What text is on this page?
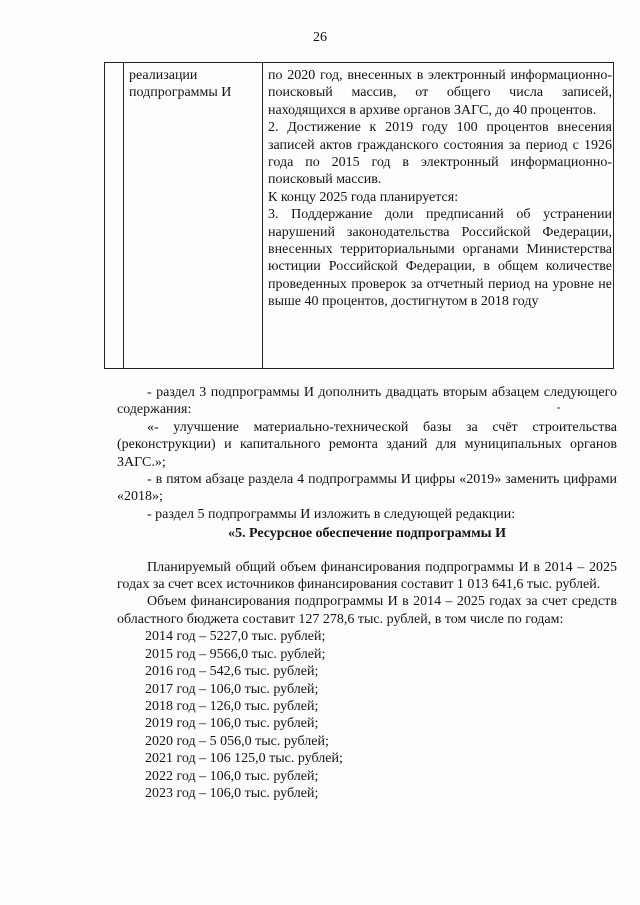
26
реализации подпрограммы И

по 2020 год, внесенных в электронный информационно-поисковый массив, от общего числа записей, находящихся в архиве органов ЗАГС, до 40 процентов.

2. Достижение к 2019 году 100 процентов внесения записей актов гражданского состояния за период с 1926 года по 2015 год в электронный информационно-поисковый массив.

К концу 2025 года планируется:

3. Поддержание доли предписаний об устранении нарушений законодательства Российской Федерации, внесенных территориальными органами Министерства юстиции Российской Федерации, в общем количестве проведенных проверок за отчетный период на уровне не выше 40 процентов, достигнутом в 2018 году

- раздел 3 подпрограммы И дополнить двадцать вторым абзацем следующего содержания:

«- улучшение материально-технической базы за счёт строительства (реконструкции) и капитального ремонта зданий для муниципальных органов ЗАГС.»;

- в пятом абзаце раздела 4 подпрограммы И цифры «2019» заменить цифрами «2018»;

- раздел 5 подпрограммы И изложить в следующей редакции:

«5. Ресурсное обеспечение подпрограммы И

Планируемый общий объем финансирования подпрограммы И в 2014 – 2025 годах за счет всех источников финансирования составит 1 013 641,6 тыс. рублей.

Объем финансирования подпрограммы И в 2014 – 2025 годах за счет средств областного бюджета составит 127 278,6 тыс. рублей, в том числе по годам:

2014 год – 5227,0 тыс. рублей;

2015 год – 9566,0 тыс. рублей;

2016 год – 542,6 тыс. рублей;

2017 год – 106,0 тыс. рублей;

2018 год – 126,0 тыс. рублей;

2019 год – 106,0 тыс. рублей;

2020 год – 5 056,0 тыс. рублей;

2021 год – 106 125,0 тыс. рублей;

2022 год – 106,0 тыс. рублей;

2023 год – 106,0 тыс. рублей;
